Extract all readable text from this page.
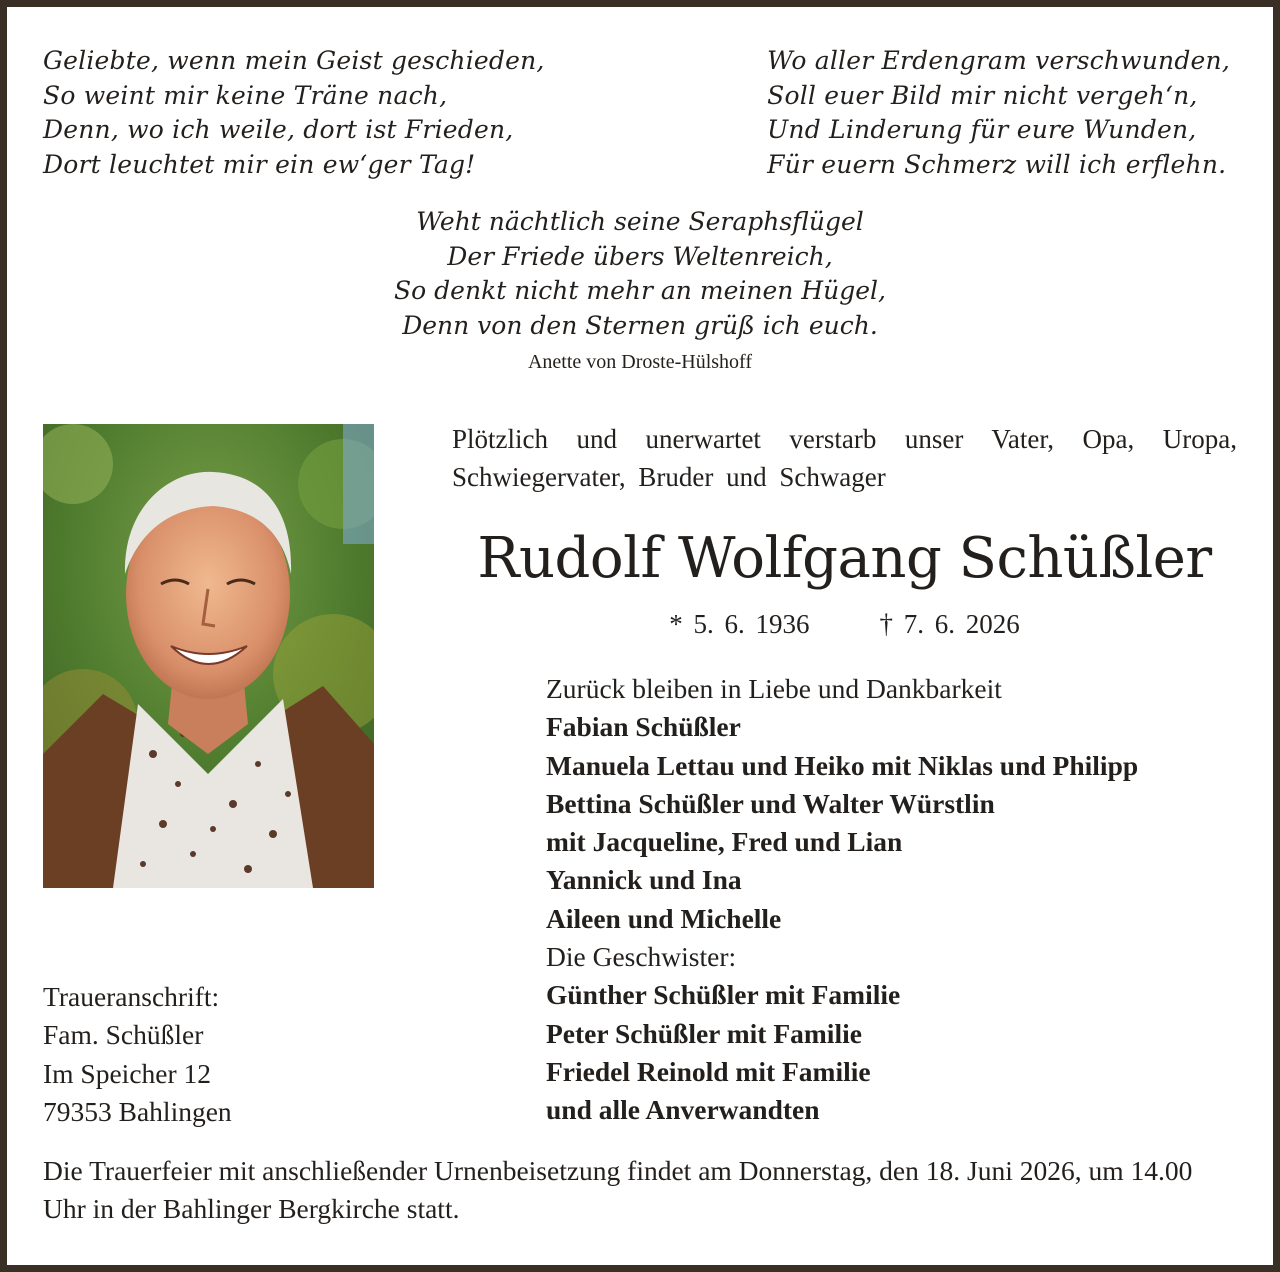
Geliebte, wenn mein Geist geschieden,
So weint mir keine Träne nach,
Denn, wo ich weile, dort ist Frieden,
Dort leuchtet mir ein ew‘ger Tag!
Wo aller Erdengram verschwunden,
Soll euer Bild mir nicht vergeh‘n,
Und Linderung für eure Wunden,
Für euern Schmerz will ich erflehn.
Weht nächtlich seine Seraphsflügel
Der Friede übers Weltenreich,
So denkt nicht mehr an meinen Hügel,
Denn von den Sternen grüß ich euch.
Anette von Droste-Hülshoff
Plötzlich und unerwartet verstarb unser Vater, Opa, Uropa, Schwiegervater, Bruder und Schwager
Rudolf Wolfgang Schüßler
* 5. 6. 1936	† 7. 6. 2026
Zurück bleiben in Liebe und Dankbarkeit
Fabian Schüßler
Manuela Lettau und Heiko mit Niklas und Philipp
Bettina Schüßler und Walter Würstlin
mit Jacqueline, Fred und Lian
Yannick und Ina
Aileen und Michelle
Die Geschwister:
Günther Schüßler mit Familie
Peter Schüßler mit Familie
Friedel Reinold mit Familie
und alle Anverwandten
Traueranschrift:
Fam. Schüßler
Im Speicher 12
79353 Bahlingen
Die Trauerfeier mit anschließender Urnenbeisetzung findet am Donnerstag, den 18. Juni 2026, um 14.00 Uhr in der Bahlinger Bergkirche statt.
